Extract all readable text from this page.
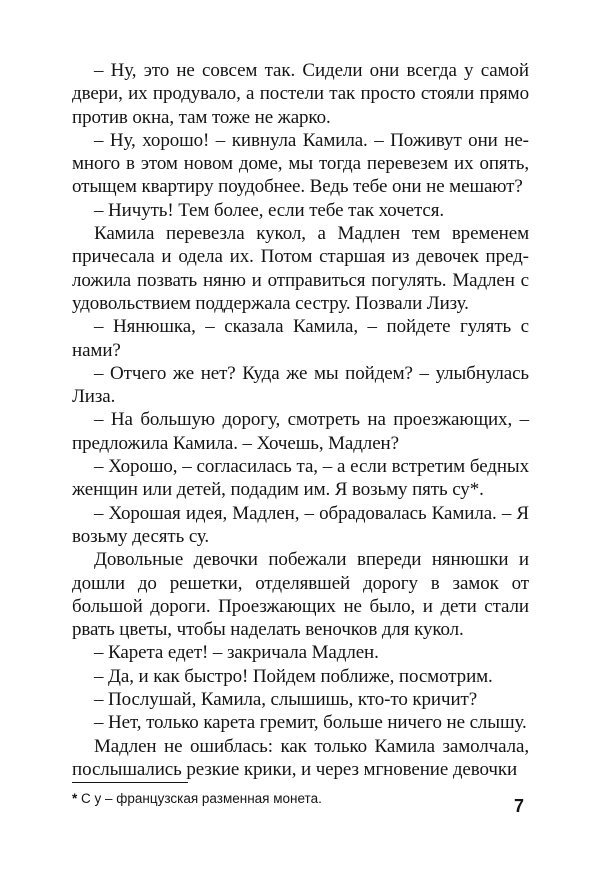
– Ну, это не совсем так. Сидели они всегда у самой двери, их продувало, а постели так просто стояли прямо против окна, там тоже не жарко.

– Ну, хорошо! – кивнула Камила. – Поживут они немного в этом новом доме, мы тогда перевезем их опять, отыщем квартиру поудобнее. Ведь тебе они не мешают?

– Ничуть! Тем более, если тебе так хочется.

Камила перевезла кукол, а Мадлен тем временем причесала и одела их. Потом старшая из девочек предложила позвать няню и отправиться погулять. Мадлен с удовольствием поддержала сестру. Позвали Лизу.

– Нянюшка, – сказала Камила, – пойдете гулять с нами?

– Отчего же нет? Куда же мы пойдем? – улыбнулась Лиза.

– На большую дорогу, смотреть на проезжающих, – предложила Камила. – Хочешь, Мадлен?

– Хорошо, – согласилась та, – а если встретим бедных женщин или детей, подадим им. Я возьму пять су*.

– Хорошая идея, Мадлен, – обрадовалась Камила. – Я возьму десять су.

Довольные девочки побежали впереди нянюшки и дошли до решетки, отделявшей дорогу в замок от большой дороги. Проезжающих не было, и дети стали рвать цветы, чтобы наделать веночков для кукол.

– Карета едет! – закричала Мадлен.

– Да, и как быстро! Пойдем поближе, посмотрим.

– Послушай, Камила, слышишь, кто-то кричит?

– Нет, только карета гремит, больше ничего не слышу.

Мадлен не ошиблась: как только Камила замолчала, послышались резкие крики, и через мгновение девочки

* С у – французская разменная монета.	7
